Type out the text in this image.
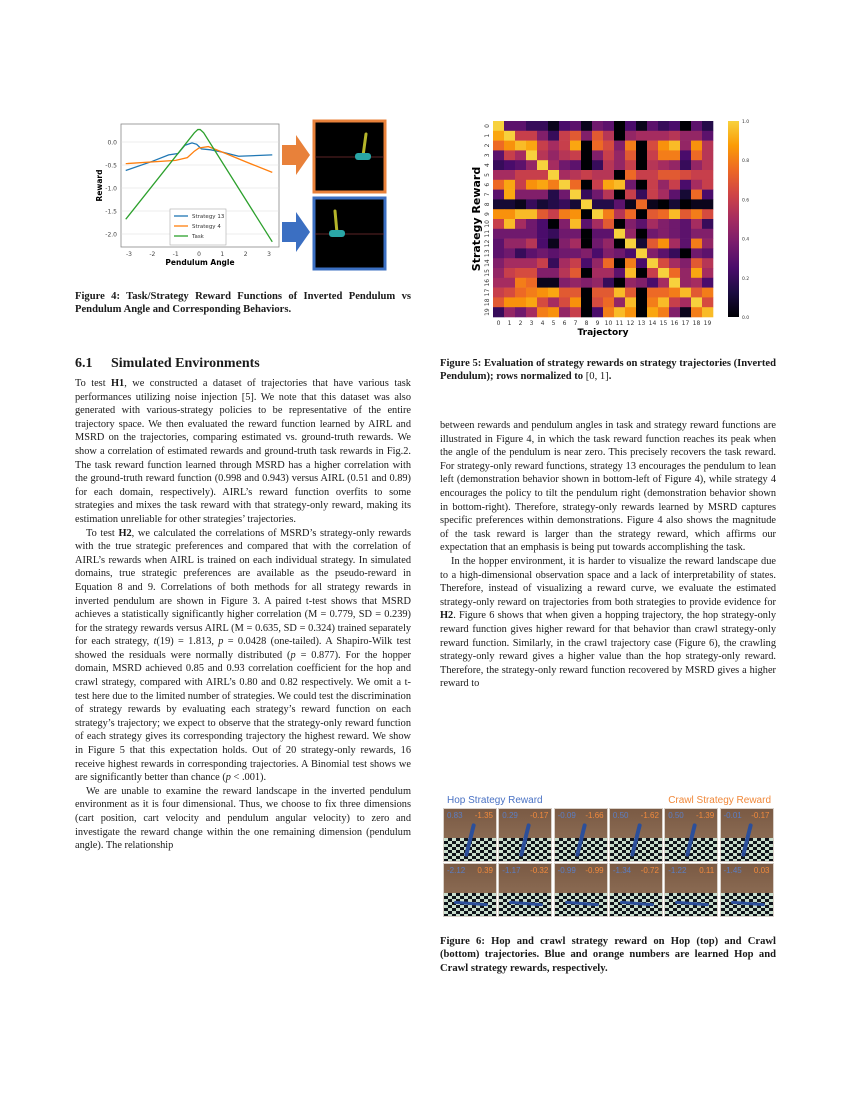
0.0
-0.5
-1.0
-1.5
-2.0
-3	-2	-1	0	1	2	3
Pendulum Angle
Reward
Strategy 13
Strategy 4
Task
Figure 4: Task/Strategy Reward Functions of Inverted Pendulum vs Pendulum Angle and Corresponding Behaviors.
6.1 Simulated Environments

To test H1, we constructed a dataset of trajectories that have various task performances utilizing noise injection [5]. We note that this dataset was also generated with various-strategy policies to be representative of the entire trajectory space. We then evaluated the reward function learned by AIRL and MSRD on the trajectories, comparing estimated vs. ground-truth rewards. We show a correlation of estimated rewards and ground-truth task rewards in Fig.2. The task reward function learned through MSRD has a higher correlation with the ground-truth reward function (0.998 and 0.943) versus AIRL (0.51 and 0.89) for each domain, respectively). AIRL’s reward function overfits to some strategies and mixes the task reward with that strategy-only reward, making its estimation unreliable for other strategies’ trajectories.

To test H2, we calculated the correlations of MSRD’s strategy-only rewards with the true strategic preferences and compared that with the correlation of AIRL’s rewards when AIRL is trained on each individual strategy. In simulated domains, true strategic preferences are available as the pseudo-reward in Equation 8 and 9. Correlations of both methods for all strategy rewards in inverted pendulum are shown in Figure 3. A paired t-test shows that MSRD achieves a statistically significantly higher correlation (M = 0.779, SD = 0.239) for the strategy rewards versus AIRL (M = 0.635, SD = 0.324) trained separately for each strategy, t(19) = 1.813, p = 0.0428 (one-tailed). A Shapiro-Wilk test showed the residuals were normally distributed (p = 0.877). For the hopper domain, MSRD achieved 0.85 and 0.93 correlation coefficient for the hop and crawl strategy, compared with AIRL’s 0.80 and 0.82 respectively. We omit a t-test here due to the limited number of strategies. We could test the discrimination of strategy rewards by evaluating each strategy’s reward function on each strategy’s trajectory; we expect to observe that the strategy-only reward function of each strategy gives its corresponding trajectory the highest reward. We show in Figure 5 that this expectation holds. Out of 20 strategy-only rewards, 16 receive highest rewards in corresponding trajectories. A Binomial test shows we are significantly better than chance (p < .001).

We are unable to examine the reward landscape in the inverted pendulum environment as it is four dimensional. Thus, we choose to fix three dimensions (cart position, cart velocity and pendulum angular velocity) to zero and investigate the reward change within the one remaining dimension (pendulum angle). The relationship

0 1 2 3 4 5 6 7 8 9 10 11 12 13 14 15 16 17 18 19
0
1
2
3
4
5
6
7
8
9
10
11
12
13
14
15
16
17
18
19
Trajectory
Strategy Reward
1.0
0.8
0.6
0.4
0.2
0.0
Figure 5: Evaluation of strategy rewards on strategy trajectories (Inverted Pendulum); rows normalized to [0, 1].

between rewards and pendulum angles in task and strategy reward functions are illustrated in Figure 4, in which the task reward function reaches its peak when the angle of the pendulum is near zero. This precisely recovers the task reward. For strategy-only reward functions, strategy 13 encourages the pendulum to lean left (demonstration behavior shown in bottom-left of Figure 4), while strategy 4 encourages the policy to tilt the pendulum right (demonstration behavior shown in bottom-right). Therefore, strategy-only rewards learned by MSRD captures specific preferences within demonstrations. Figure 4 also shows the magnitude of the task reward is larger than the strategy reward, which affirms our expectation that an emphasis is being put towards accomplishing the task.

In the hopper environment, it is harder to visualize the reward landscape due to a high-dimensional observation space and a lack of interpretability of states. Therefore, instead of visualizing a reward curve, we evaluate the estimated strategy-only reward on trajectories from both strategies to provide evidence for H2. Figure 6 shows that when given a hopping trajectory, the hop strategy-only reward function gives higher reward for that behavior than crawl strategy-only reward function. Similarly, in the crawl trajectory case (Figure 6), the crawling strategy-only reward gives a higher value than the hop strategy-only reward. Therefore, the strategy-only reward function recovered by MSRD gives a higher reward to

Hop Strategy Reward	Crawl Strategy Reward
0.83 -1.35 0.29 -0.17 -0.09 -1.66 0.50 -1.62 0.50 -1.39 -0.01 -0.17
-2.12 0.39 -1.17 -0.32 -0.99 -0.99 -1.34 -0.72 -1.22 0.11 -1.45 0.03
Figure 6: Hop and crawl strategy reward on Hop (top) and Crawl (bottom) trajectories. Blue and orange numbers are learned Hop and Crawl strategy rewards, respectively.
